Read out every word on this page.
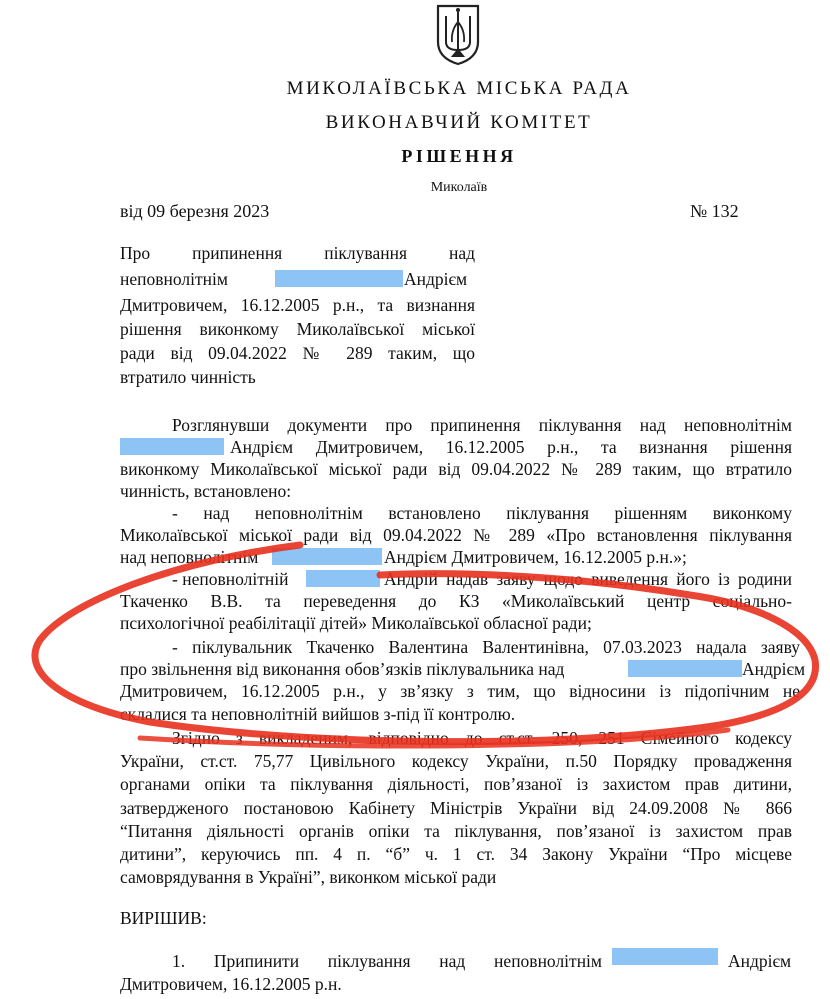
МИКОЛАЇВСЬКА МІСЬКА РАДА
ВИКОНАВЧИЙ КОМІТЕТ
РІШЕННЯ
Миколаїв
від 09 березня 2023	№ 132
Про припинення піклування над
неповнолітнім	Андрієм
Дмитровичем, 16.12.2005 р.н., та визнання
рішення виконкому Миколаївської міської
ради від 09.04.2022 № 289 таким, що
втратило чинність
Розглянувши документи про припинення піклування над неповнолітнім
Андрієм Дмитровичем, 16.12.2005 р.н., та визнання рішення
виконкому Миколаївської міської ради від 09.04.2022 № 289 таким, що втратило
чинність, встановлено:
- над неповнолітнім встановлено піклування рішенням виконкому
Миколаївської міської ради від 09.04.2022 № 289 «Про встановлення піклування
над неповнолітнім	Андрієм Дмитровичем, 16.12.2005 р.н.»;
- неповнолітній	Андрій надав заяву щодо виведення його із родини
Ткаченко В.В. та переведення до КЗ «Миколаївський центр соціально-
психологічної реабілітації дітей» Миколаївської обласної ради;
- піклувальник Ткаченко Валентина Валентинівна, 07.03.2023 надала заяву
про звільнення від виконання обов’язків піклувальника над	Андрієм
Дмитровичем, 16.12.2005 р.н., у зв’язку з тим, що відносини із підопічним не
склалися та неповнолітній вийшов з-під її контролю.
Згідно з викладеним, відповідно до ст.ст. 250, 251 Сімейного кодексу
України, ст.ст. 75,77 Цивільного кодексу України, п.50 Порядку провадження
органами опіки та піклування діяльності, пов’язаної із захистом прав дитини,
затвердженого постановою Кабінету Міністрів України від 24.09.2008 № 866
“Питання діяльності органів опіки та піклування, пов’язаної із захистом прав
дитини”, керуючись пп. 4 п. “б” ч. 1 ст. 34 Закону України “Про місцеве
самоврядування в Україні”, виконком міської ради
ВИРІШИВ:
1. Припинити піклування над неповнолітнім	Андрієм
Дмитровичем, 16.12.2005 р.н.
